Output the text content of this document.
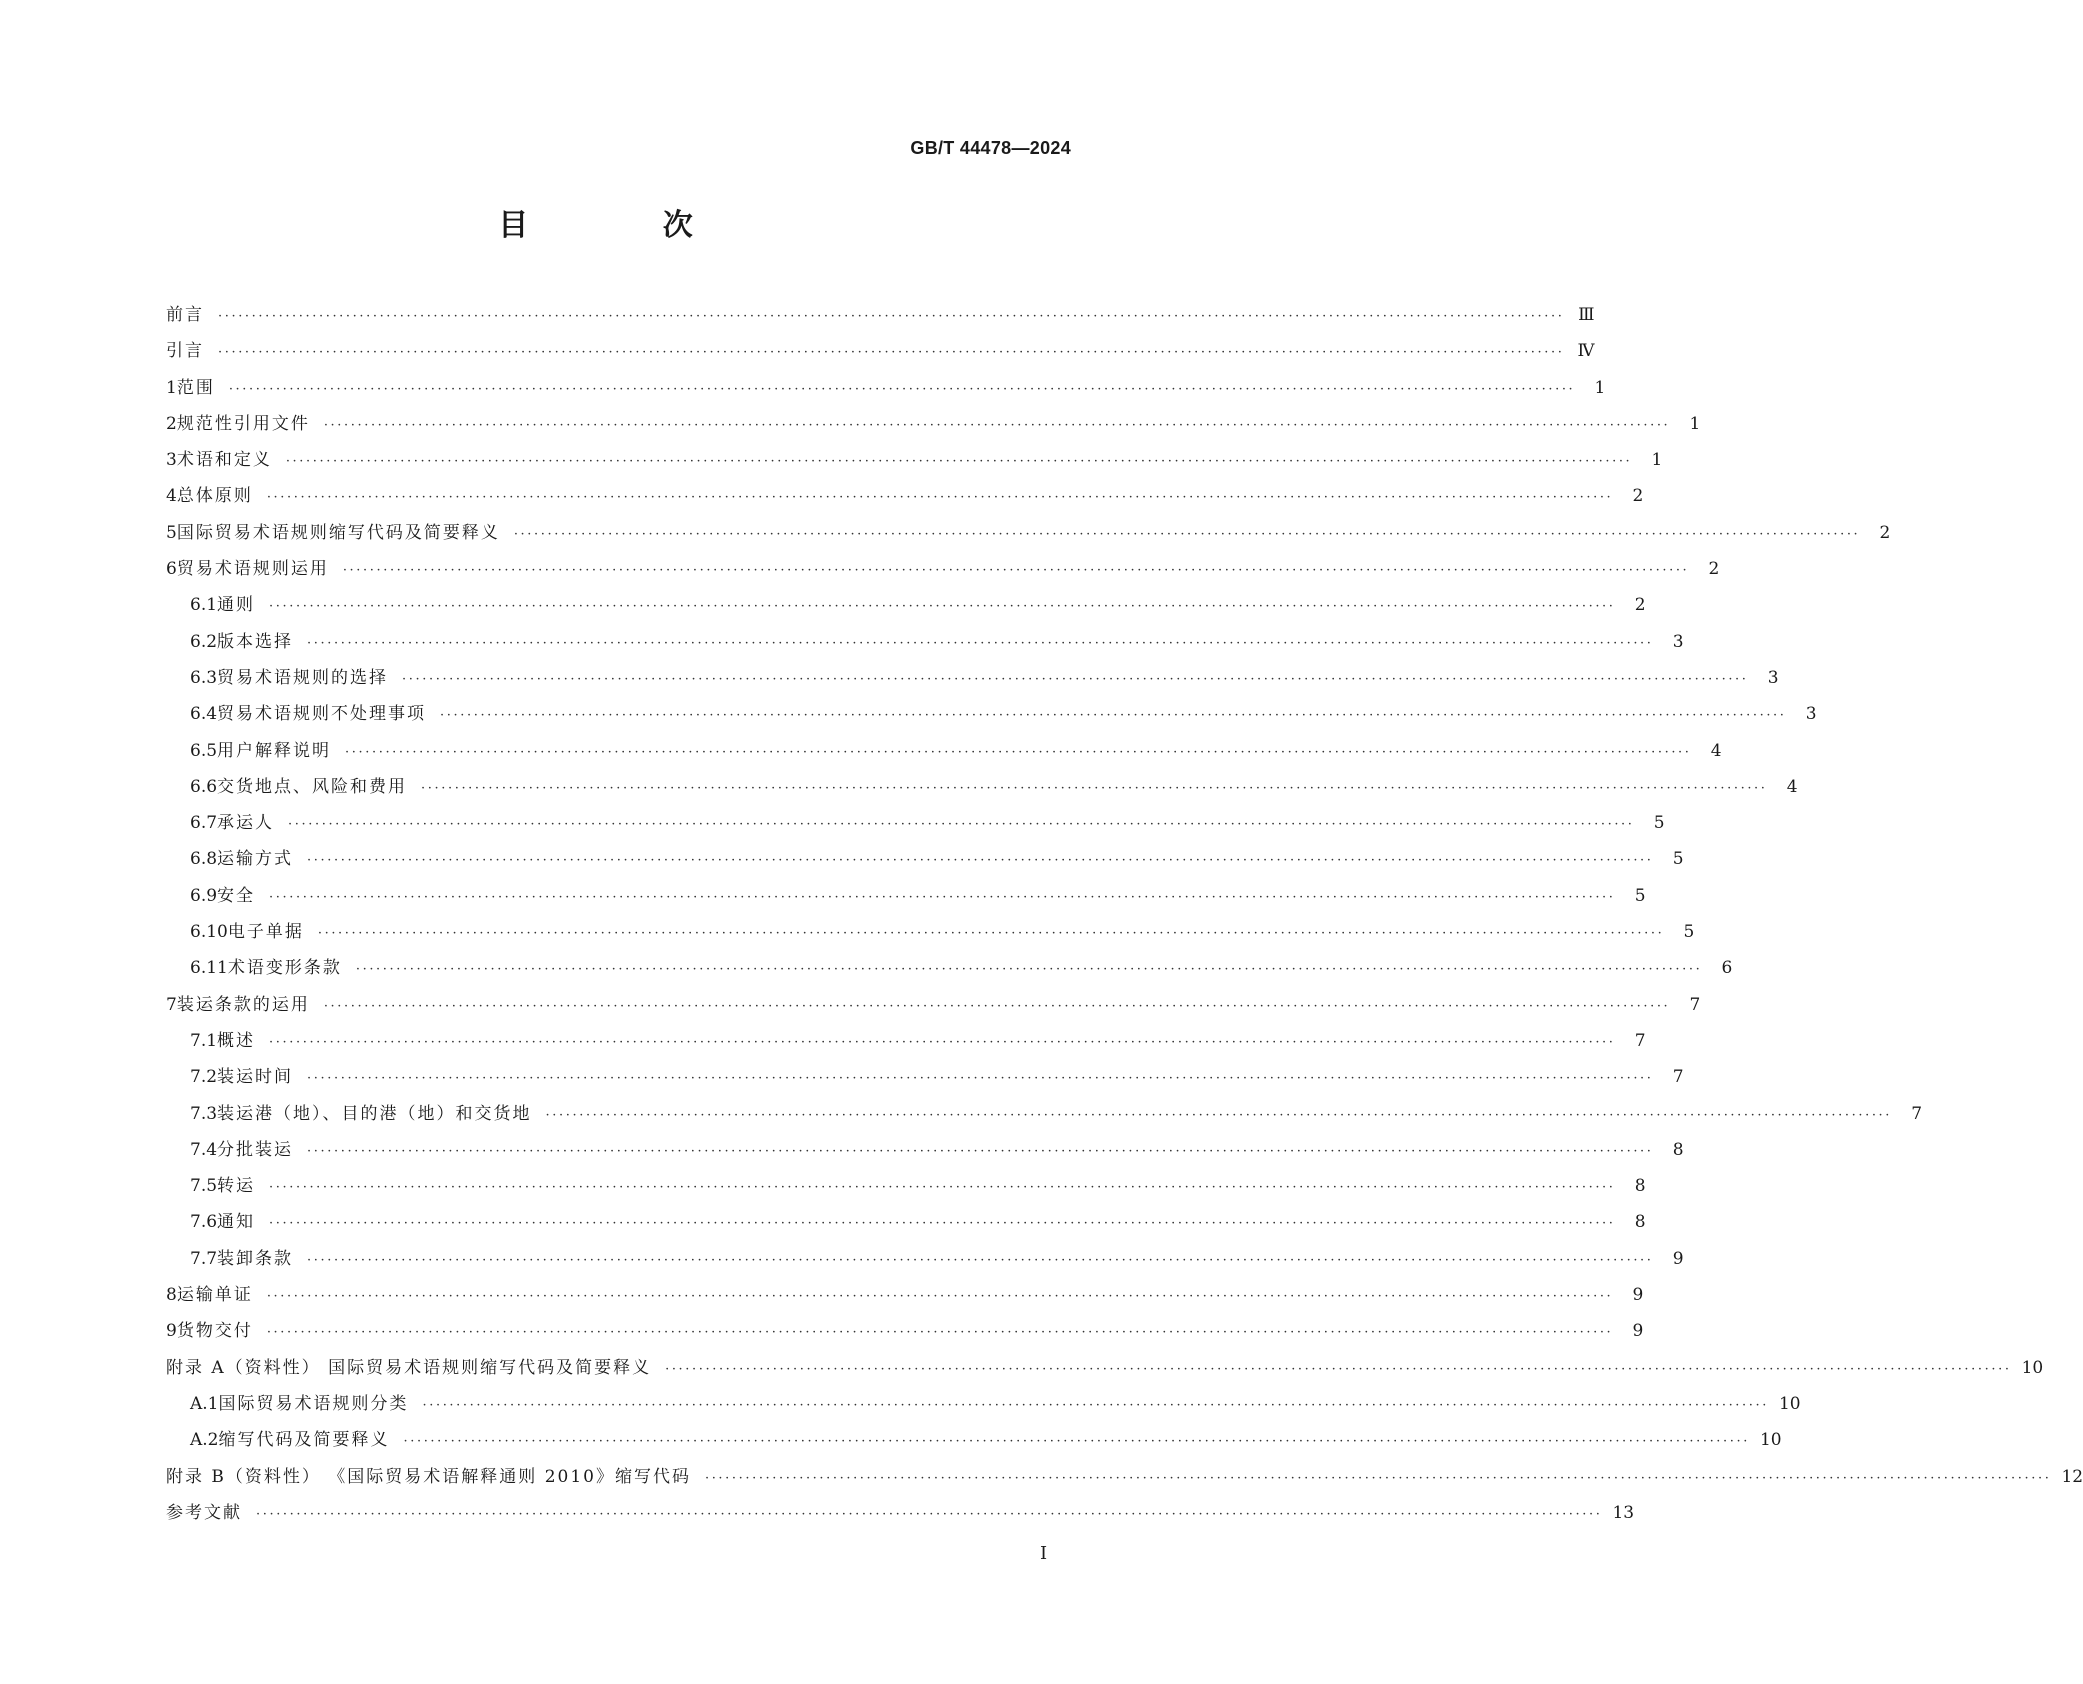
GB/T 44478—2024
目 次
前言 ········································································································································································································ Ⅲ
引言 ········································································································································································································ Ⅳ
1 范围 ········································································································································································································	1
2 规范性引用文件 ········································································································································································································	1
3 术语和定义 ········································································································································································································	1
4 总体原则 ········································································································································································································	2
5 国际贸易术语规则缩写代码及简要释义 ········································································································································································································	2
6 贸易术语规则运用 ········································································································································································································	2
6.1 通则 ········································································································································································································	2
6.2 版本选择 ········································································································································································································	3
6.3 贸易术语规则的选择 ········································································································································································································	3
6.4 贸易术语规则不处理事项 ········································································································································································································	3
6.5 用户解释说明 ········································································································································································································	4
6.6 交货地点、风险和费用 ········································································································································································································	4
6.7 承运人 ········································································································································································································	5
6.8 运输方式 ········································································································································································································	5
6.9 安全 ········································································································································································································	5
6.10 电子单据 ········································································································································································································	5
6.11 术语变形条款 ········································································································································································································	6
7 装运条款的运用 ········································································································································································································	7
7.1 概述 ········································································································································································································	7
7.2 装运时间 ········································································································································································································	7
7.3 装运港（地）、目的港（地）和交货地 ········································································································································································································	7
7.4 分批装运 ········································································································································································································	8
7.5 转运 ········································································································································································································	8
7.6 通知 ········································································································································································································	8
7.7 装卸条款 ········································································································································································································	9
8 运输单证 ········································································································································································································	9
9 货物交付 ········································································································································································································	9
附录 A（资料性） 国际贸易术语规则缩写代码及简要释义 ········································································································································································································ 10
A.1 国际贸易术语规则分类 ········································································································································································································ 10
A.2 缩写代码及简要释义 ········································································································································································································ 10
附录 B（资料性） 《国际贸易术语解释通则 2010》缩写代码 ········································································································································································································ 12
参考文献 ········································································································································································································ 13
I
